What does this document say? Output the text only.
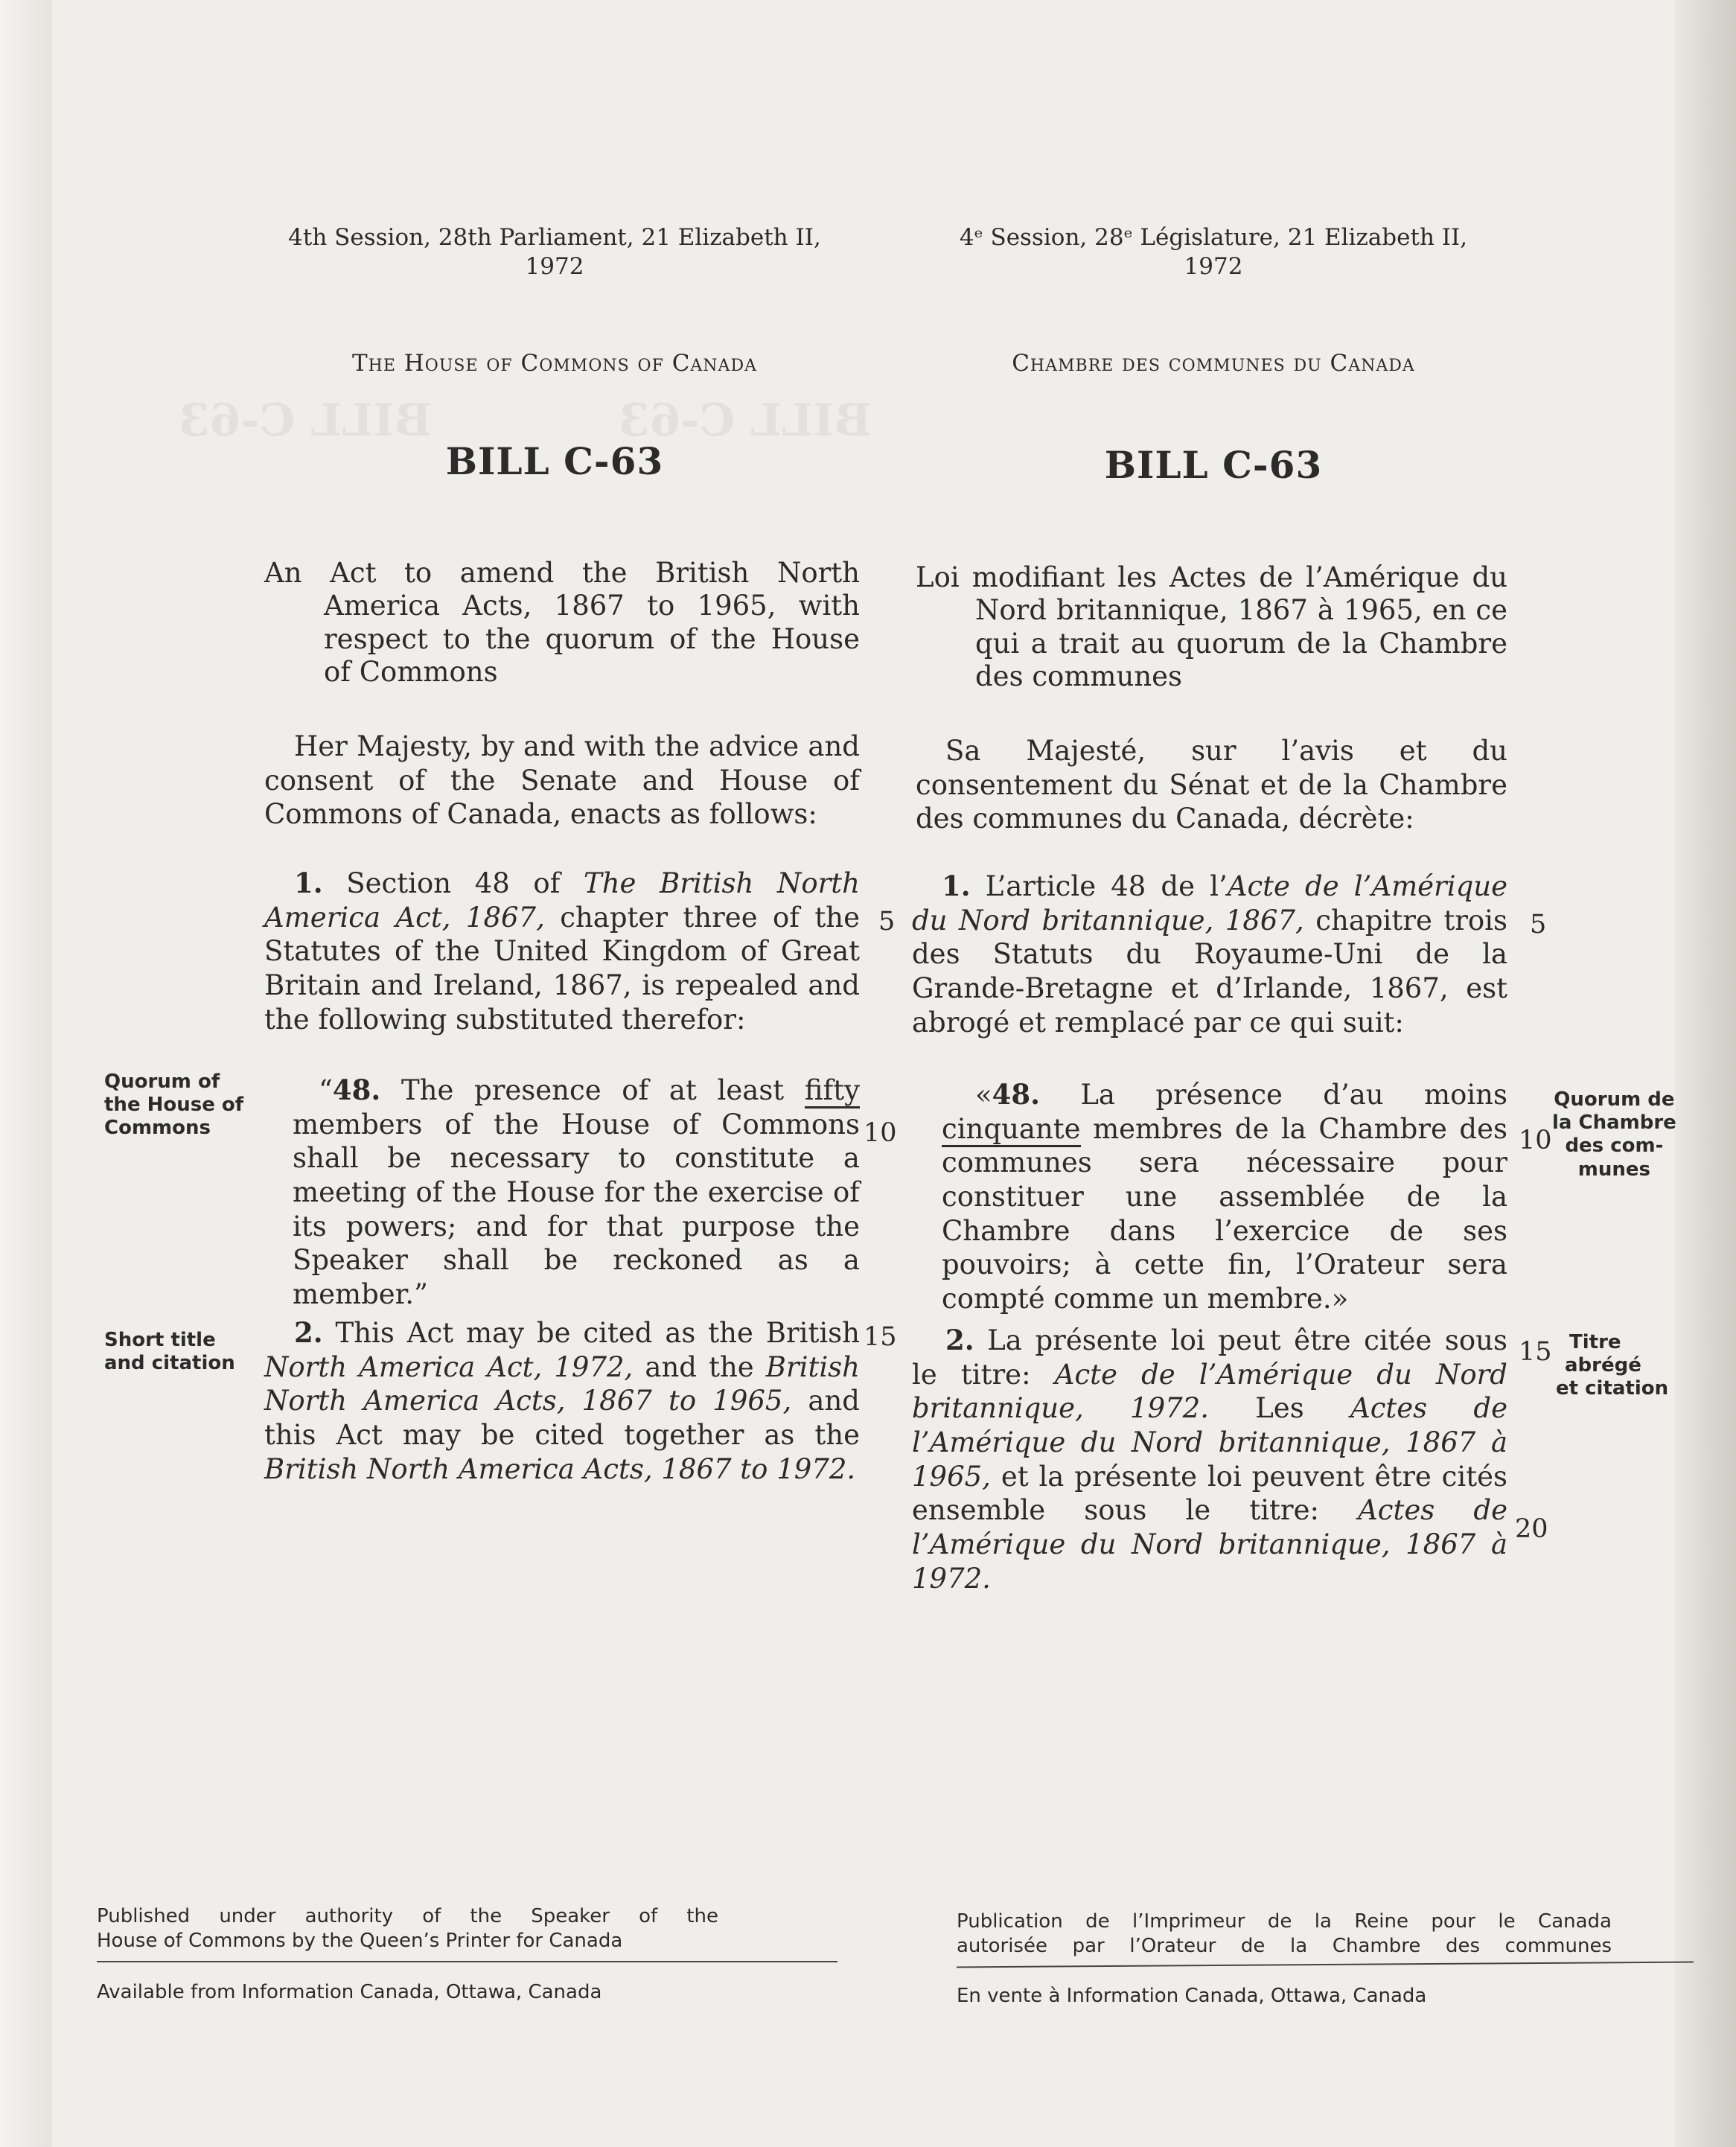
BILL C-63            BILL C-63
4th Session, 28th Parliament, 21 Elizabeth II,
1972
The House of Commons of Canada
BILL C-63
An Act to amend the British North
America Acts, 1867 to 1965, with
respect to the quorum of the House
of Commons

Her Majesty, by and with the advice and consent of the Senate and House of Commons of Canada, enacts as follows:

1. Section 48 of The British North America Act, 1867, chapter three of the Statutes of the United Kingdom of Great Britain and Ireland, 1867, is repealed and the following substituted therefor:

“48. The presence of at least fifty members of the House of Commons shall be necessary to constitute a meeting of the House for the exercise of its powers; and for that purpose the Speaker shall be reckoned as a member.”

2. This Act may be cited as the British North America Act, 1972, and the British North America Acts, 1867 to 1965, and this Act may be cited together as the British North America Acts, 1867 to 1972.

Quorum of
the House of
Commons
Short title
and citation
5
10
15
Published under authority of the Speaker of the
House of Commons by the Queen’s Printer for Canada
Available from Information Canada, Ottawa, Canada
4ᵉ Session, 28ᵉ Législature, 21 Elizabeth II,
1972
Chambre des communes du Canada
BILL C-63
Loi modifiant les Actes de l’Amérique du
Nord britannique, 1867 à 1965, en ce
qui a trait au quorum de la Chambre
des communes

Sa Majesté, sur l’avis et du consentement du Sénat et de la Chambre des communes du Canada, décrète:

1. L’article 48 de l’Acte de l’Amérique du Nord britannique, 1867, chapitre trois des Statuts du Royaume-Uni de la Grande-Bretagne et d’Irlande, 1867, est abrogé et remplacé par ce qui suit:

«48. La présence d’au moins cinquante membres de la Chambre des communes sera nécessaire pour constituer une assemblée de la Chambre dans l’exercice de ses pouvoirs; à cette fin, l’Orateur sera compté comme un membre.»

2. La présente loi peut être citée sous le titre: Acte de l’Amérique du Nord britannique, 1972. Les Actes de l’Amérique du Nord britannique, 1867 à 1965, et la présente loi peuvent être cités ensemble sous le titre: Actes de l’Amérique du Nord britannique, 1867 à 1972.

Quorum de
la Chambre
des com-
munes
Titre
abrégé
et citation
5
10
15
20
Publication de l’Imprimeur de la Reine pour le Canada
autorisée par l’Orateur de la Chambre des communes
En vente à Information Canada, Ottawa, Canada
